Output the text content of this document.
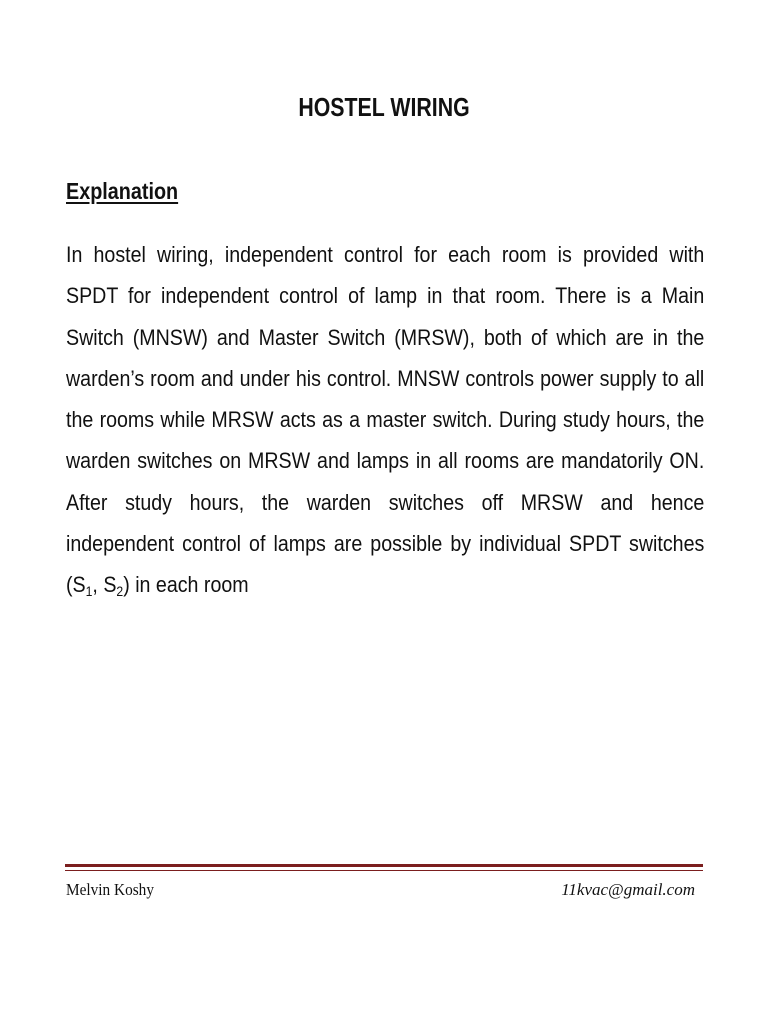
HOSTEL WIRING
Explanation
In hostel wiring, independent control for each room is provided with SPDT for independent control of lamp in that room. There is a Main Switch (MNSW) and Master Switch (MRSW), both of which are in the warden’s room and under his control. MNSW controls power supply to all the rooms while MRSW acts as a master switch. During study hours, the warden switches on MRSW and lamps in all rooms are mandatorily ON. After study hours, the warden switches off MRSW and hence independent control of lamps are possible by individual SPDT switches ($S_1$, $S_2$) in each room
Melvin Koshy	11kvac@gmail.com
